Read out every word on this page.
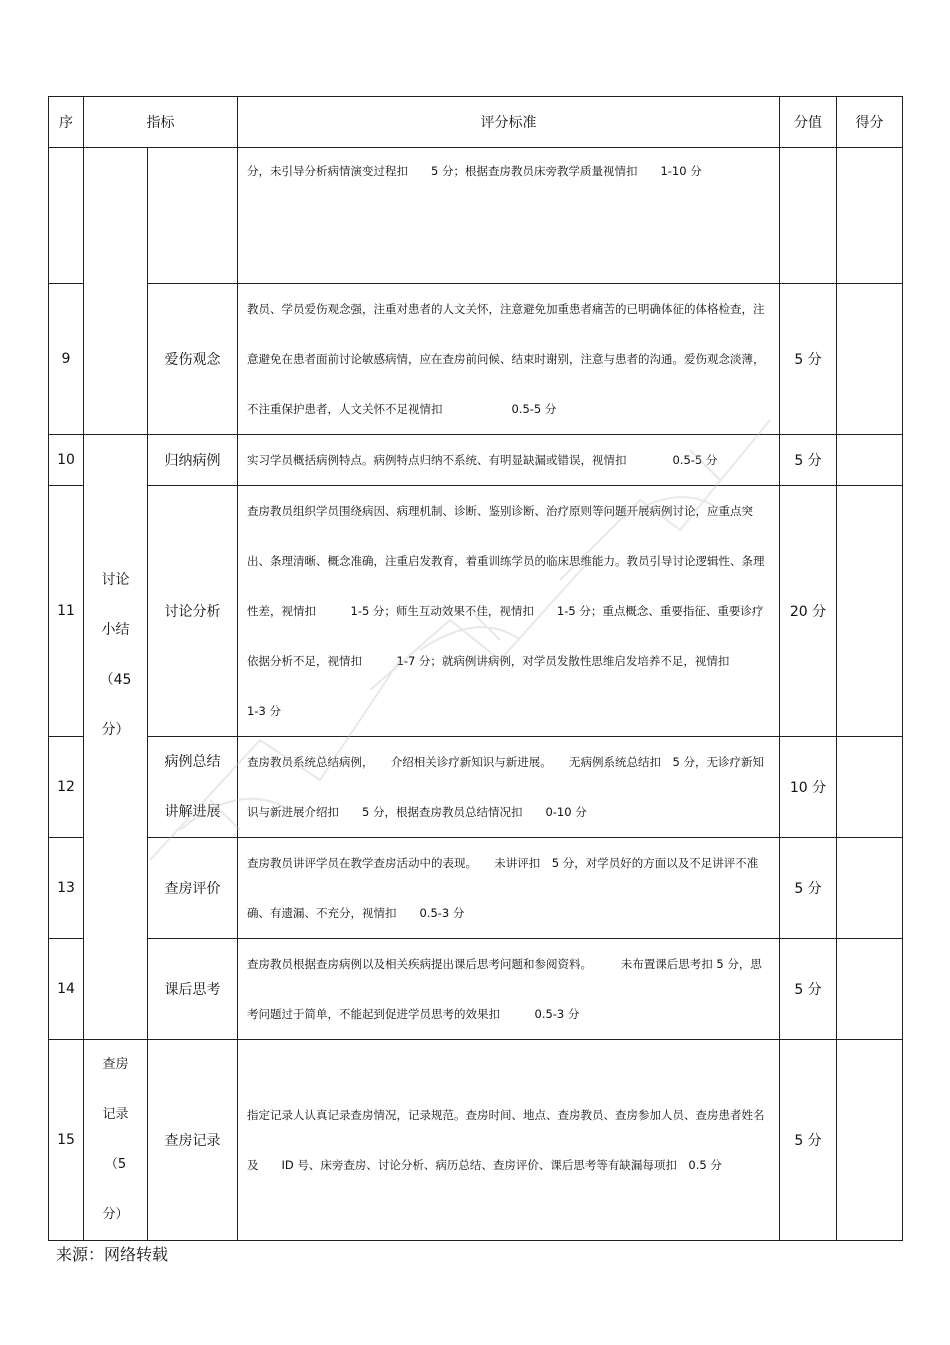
序	指标		评分标准	分值	得分
			分，未引导分析病情演变过程扣　　5 分；根据查房教员床旁教学质量视情扣　　1-10 分		
9		爱伤观念	教员、学员爱伤观念强，注重对患者的人文关怀，注意避免加重患者痛苦的已明确体征的体格检查，注意避免在患者面前讨论敏感病情，应在查房前问候、结束时谢别，注意与患者的沟通。爱伤观念淡薄，不注重保护患者，人文关怀不足视情扣　　　　　　0.5-5 分	5 分	
10	讨论小结（45分）	归纳病例	实习学员概括病例特点。病例特点归纳不系统、有明显缺漏或错误，视情扣　　　　0.5-5 分	5 分	
11		讨论分析	查房教员组织学员围绕病因、病理机制、诊断、鉴别诊断、治疗原则等问题开展病例讨论，应重点突出、条理清晰、概念准确，注重启发教育，着重训练学员的临床思维能力。教员引导讨论逻辑性、条理性差，视情扣　　　1-5 分；师生互动效果不佳，视情扣　　1-5 分；重点概念、重要指征、重要诊疗依据分析不足，视情扣　　　1-7 分；就病例讲病例，对学员发散性思维启发培养不足，视情扣　　　1-3 分	20 分	
12		病例总结讲解进展	查房教员系统总结病例，　　介绍相关诊疗新知识与新进展。　　无病例系统总结扣　5 分，无诊疗新知识与新进展介绍扣　　5 分，根据查房教员总结情况扣　　0-10 分	10 分	
13		查房评价	查房教员讲评学员在教学查房活动中的表现。　　未讲评扣　5 分，对学员好的方面以及不足讲评不准确、有遗漏、不充分，视情扣　　0.5-3 分	5 分	
14		课后思考	查房教员根据查房病例以及相关疾病提出课后思考问题和参阅资料。　　　未布置课后思考扣 5 分，思考问题过于简单，不能起到促进学员思考的效果扣　　　0.5-3 分	5 分	
15	查房记录（5分）	查房记录	指定记录人认真记录查房情况，记录规范。查房时间、地点、查房教员、查房参加人员、查房患者姓名及　　ID 号、床旁查房、讨论分析、病历总结、查房评价、课后思考等有缺漏每项扣　0.5 分	5 分	
来源：网络转载
